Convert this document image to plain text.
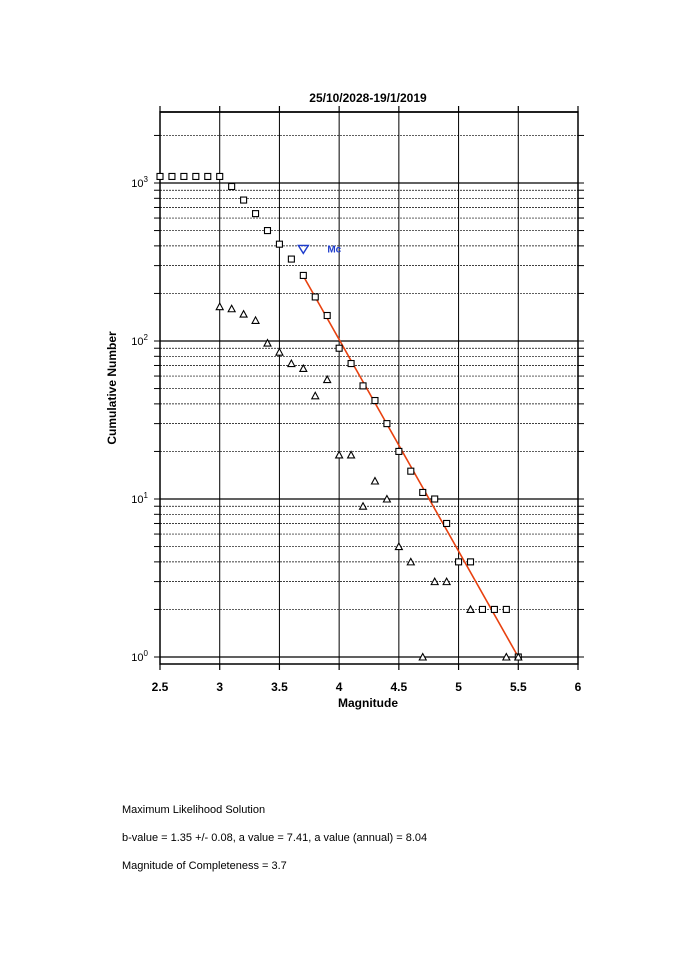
2.5	3	3.5	4	4.5	5	5.5	6
$10^0$
$10^1$
$10^2$
$10^3$
Mc
25/10/2028-19/1/2019
Magnitude
Cumulative Number
Maximum Likelihood Solution
b-value = 1.35 +/- 0.08, a value = 7.41, a value (annual) = 8.04
Magnitude of Completeness = 3.7
